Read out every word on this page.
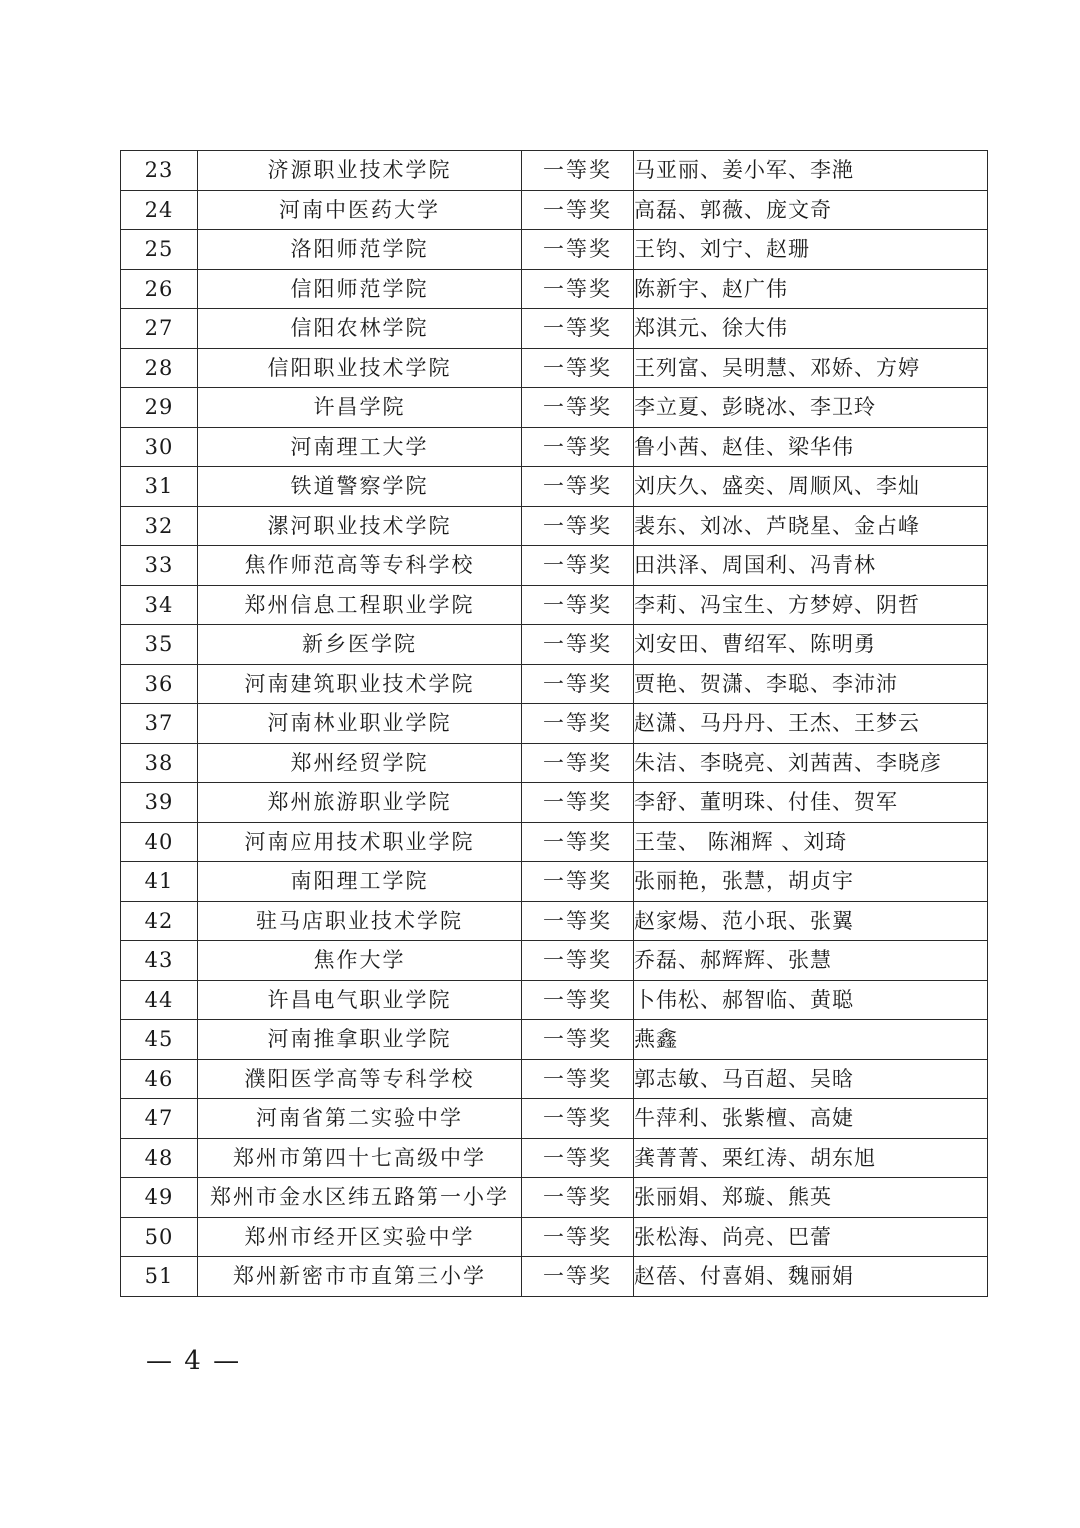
23	济源职业技术学院	一等奖	马亚丽、姜小军、李滟
24	河南中医药大学	一等奖	高磊、郭薇、庞文奇
25	洛阳师范学院	一等奖	王钧、刘宁、赵珊
26	信阳师范学院	一等奖	陈新宇、赵广伟
27	信阳农林学院	一等奖	郑淇元、徐大伟
28	信阳职业技术学院	一等奖	王列富、吴明慧、邓娇、方婷
29	许昌学院	一等奖	李立夏、彭晓冰、李卫玲
30	河南理工大学	一等奖	鲁小茜、赵佳、梁华伟
31	铁道警察学院	一等奖	刘庆久、盛奕、周顺风、李灿
32	漯河职业技术学院	一等奖	裴东、刘冰、芦晓星、金占峰
33	焦作师范高等专科学校	一等奖	田洪泽、周国利、冯青林
34	郑州信息工程职业学院	一等奖	李莉、冯宝生、方梦婷、阴哲
35	新乡医学院	一等奖	刘安田、曹绍军、陈明勇
36	河南建筑职业技术学院	一等奖	贾艳、贺潇、李聪、李沛沛
37	河南林业职业学院	一等奖	赵潇、马丹丹、王杰、王梦云
38	郑州经贸学院	一等奖	朱洁、李晓亮、刘茜茜、李晓彦
39	郑州旅游职业学院	一等奖	李舒、董明珠、付佳、贺军
40	河南应用技术职业学院	一等奖	王莹、 陈湘辉 、刘琦
41	南阳理工学院	一等奖	张丽艳，张慧，胡贞宇
42	驻马店职业技术学院	一等奖	赵家煬、范小珉、张翼
43	焦作大学	一等奖	乔磊、郝辉辉、张慧
44	许昌电气职业学院	一等奖	卜伟松、郝智临、黄聪
45	河南推拿职业学院	一等奖	燕鑫
46	濮阳医学高等专科学校	一等奖	郭志敏、马百超、吴晗
47	河南省第二实验中学	一等奖	牛萍利、张紫檀、高婕
48	郑州市第四十七高级中学	一等奖	龚菁菁、栗红涛、胡东旭
49	郑州市金水区纬五路第一小学	一等奖	张丽娟、郑璇、熊英
50	郑州市经开区实验中学	一等奖	张松海、尚亮、巴蕾
51	郑州新密市市直第三小学	一等奖	赵蓓、付喜娟、魏丽娟
— 4 —
